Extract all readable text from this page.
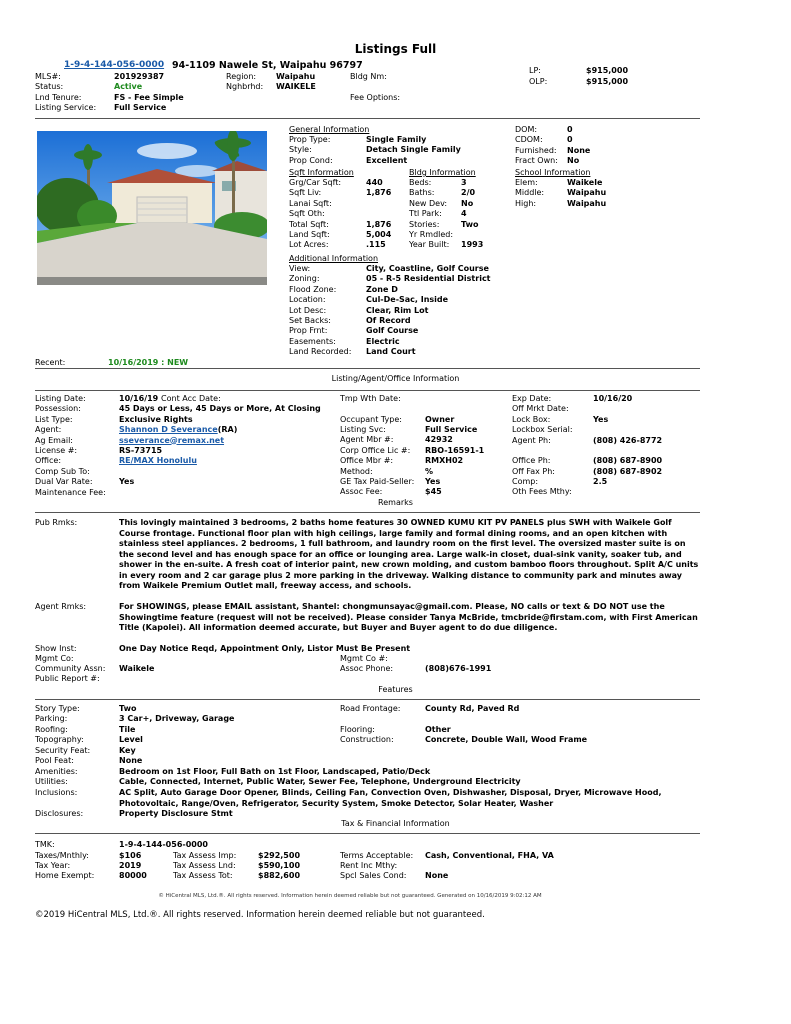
Listings Full
1-9-4-144-056-0000 94-1109 Nawele St, Waipahu 96797	LP:	$915,000
OLP:	$915,000
MLS#:	201929387
Status:	Active
Lnd Tenure:	FS - Fee Simple
Listing Service: Full Service
Region: Waipahu
Nghbrhd: WAIKELE
Bldg Nm:
Fee Options:
General Information
Prop Type:	Single Family
Style:	Detach Single Family
Prop Cond:	Excellent
DOM:	0
CDOM:	0
Furnished:	None
Fract Own:	No
School Information
Elem:	Waikele
Middle:	Waipahu
High:	Waipahu
Sqft Information
Grg/Car Sqft:	440
Sqft Liv:	1,876
Lanai Sqft:	
Sqft Oth:	
Total Sqft:	1,876
Land Sqft:	5,004
Lot Acres:	.115
Bldg Information
Beds:	3
Baths:	2/0
New Dev:	No
Ttl Park:	4
Stories:	Two
Yr Rmdled:	
Year Built:	1993
Additional Information
View:	City, Coastline, Golf Course
Zoning:	05 - R-5 Residential District
Flood Zone:	Zone D
Location:	Cul-De-Sac, Inside
Lot Desc:	Clear, Rim Lot
Set Backs:	Of Record
Prop Frnt:	Golf Course
Easements:	Electric
Land Recorded:	Land Court
Recent:	10/16/2019 : NEW
Listing/Agent/Office Information
Listing Date:	10/16/19 Cont Acc Date:
Possession:	45 Days or Less, 45 Days or More, At Closing
List Type:	Exclusive Rights
Agent:	Shannon D Severance(RA)
Ag Email:	sseverance@remax.net
License #:	RS-73715
Office:	RE/MAX Honolulu
Comp Sub To:	
Dual Var Rate:	Yes
Maintenance Fee:	
Tmp Wth Date:	

Occupant Type:	Owner
Listing Svc:	Full Service
Agent Mbr #:	42932
Corp Office Lic #:	RBO-16591-1
Office Mbr #:	RMXH02
Method:	%
GE Tax Paid-Seller:	Yes
Assoc Fee:	$45
Exp Date:	10/16/20
Off Mrkt Date:	
Lock Box:	Yes
Lockbox Serial:	
Agent Ph:	(808) 426-8772

Office Ph:	(808) 687-8900
Off Fax Ph:	(808) 687-8902
Comp:	2.5
Oth Fees Mthy:	
Remarks
Pub Rmks:	This lovingly maintained 3 bedrooms, 2 baths home features 30 OWNED KUMU KIT PV PANELS plus SWH with Waikele Golf Course frontage. Functional floor plan with high ceilings, large family and formal dining rooms, and an open kitchen with stainless steel appliances. 2 bedrooms, 1 full bathroom, and laundry room on the first level. The oversized master suite is on the second level and has enough space for an office or lounging area. Large walk-in closet, dual-sink vanity, soaker tub, and shower in the en-suite. A fresh coat of interior paint, new crown molding, and custom bamboo floors throughout. Split A/C units in every room and 2 car garage plus 2 more parking in the driveway. Walking distance to community park and minutes away from Waikele Premium Outlet mall, freeway access, and schools.
Agent Rmks:	For SHOWINGS, please EMAIL assistant, Shantel: chongmunsayac@gmail.com. Please, NO calls or text & DO NOT use the Showingtime feature (request will not be received). Please consider Tanya McBride, tmcbride@firstam.com, with First American Title (Kapolei). All information deemed accurate, but Buyer and Buyer agent to do due diligence.
Show Inst:	One Day Notice Reqd, Appointment Only, Listor Must Be Present
Mgmt Co:	Mgmt Co #:
Community Assn: Waikele	Assoc Phone:	(808)676-1991
Public Report #:
Features
Story Type:	Two	Road Frontage:	County Rd, Paved Rd
Parking:	3 Car+, Driveway, Garage
Roofing:	Tile	Flooring:	Other
Topography:	Level	Construction:	Concrete, Double Wall, Wood Frame
Security Feat:	Key
Pool Feat:	None
Amenities:	Bedroom on 1st Floor, Full Bath on 1st Floor, Landscaped, Patio/Deck
Utilities:	Cable, Connected, Internet, Public Water, Sewer Fee, Telephone, Underground Electricity
Inclusions:	AC Split, Auto Garage Door Opener, Blinds, Ceiling Fan, Convection Oven, Dishwasher, Disposal, Dryer, Microwave Hood, Photovoltaic, Range/Oven, Refrigerator, Security System, Smoke Detector, Solar Heater, Washer
Disclosures:	Property Disclosure Stmt
Tax & Financial Information
TMK:	1-9-4-144-056-0000
Taxes/Mnthly:	$106	Tax Assess Imp:	$292,500	Terms Acceptable: Cash, Conventional, FHA, VA
Tax Year:	2019	Tax Assess Lnd:	$590,100	Rent Inc Mthy:
Home Exempt:	80000	Tax Assess Tot:	$882,600	Spcl Sales Cond: None
© HiCentral MLS, Ltd.®. All rights reserved. Information herein deemed reliable but not guaranteed. Generated on 10/16/2019 9:02:12 AM
©2019 HiCentral MLS, Ltd.®. All rights reserved. Information herein deemed reliable but not guaranteed.
